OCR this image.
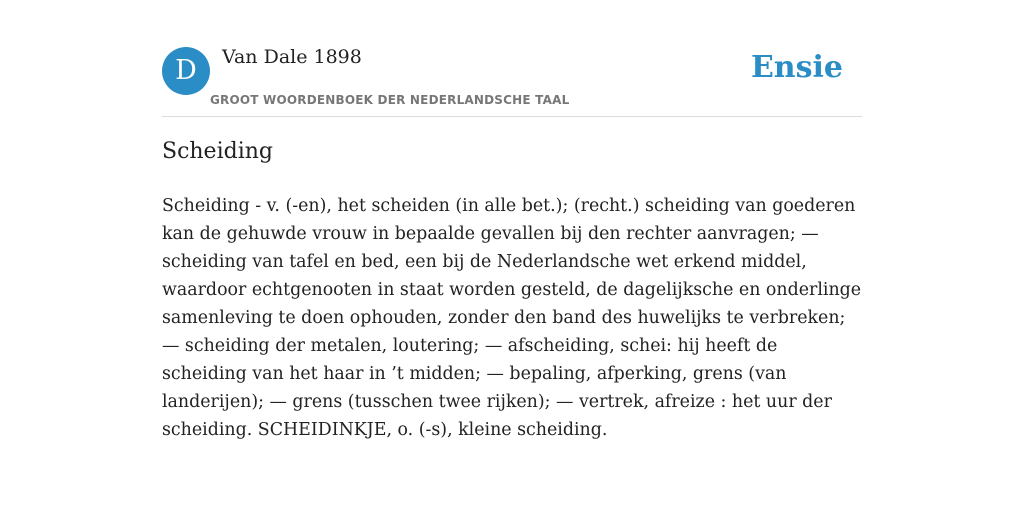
D	Van Dale 1898
GROOT WOORDENBOEK DER NEDERLANDSCHE TAAL
Ensie
Scheiding

Scheiding - v. (-en), het scheiden (in alle bet.); (recht.) scheiding van goederen kan de gehuwde vrouw in bepaalde gevallen bij den rechter aanvragen; — scheiding van tafel en bed, een bij de Nederlandsche wet erkend middel, waardoor echtgenooten in staat worden gesteld, de dagelijksche en onderlinge samenleving te doen ophouden, zonder den band des huwelijks te verbreken; — scheiding der metalen, loutering; — afscheiding, schei: hij heeft de scheiding van het haar in ’t midden; — bepaling, afperking, grens (van landerijen); — grens (tusschen twee rijken); — vertrek, afreize : het uur der scheiding. SCHEIDINKJE, o. (-s), kleine scheiding.
